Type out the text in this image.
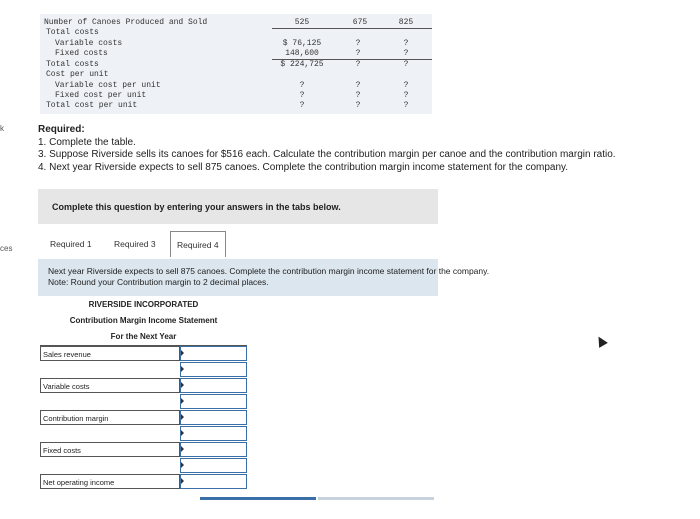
k
ces
Number of Canoes Produced and Sold	525	675	825
Total costs
Variable costs	$ 76,125	?	?
Fixed costs	148,600	?	?
Total costs	$ 224,725	?	?
Cost per unit
Variable cost per unit	?	?	?
Fixed cost per unit	?	?	?
Total cost per unit	?	?	?
Required:
1. Complete the table.
3. Suppose Riverside sells its canoes for $516 each. Calculate the contribution margin per canoe and the contribution margin ratio.
4. Next year Riverside expects to sell 875 canoes. Complete the contribution margin income statement for the company.
Complete this question by entering your answers in the tabs below.
Required 1	Required 3	Required 4
Next year Riverside expects to sell 875 canoes. Complete the contribution margin income statement for the company.
Note: Round your Contribution margin to 2 decimal places.
RIVERSIDE INCORPORATED
Contribution Margin Income Statement
For the Next Year
Sales revenue
Variable costs
Contribution margin
Fixed costs
Net operating income
